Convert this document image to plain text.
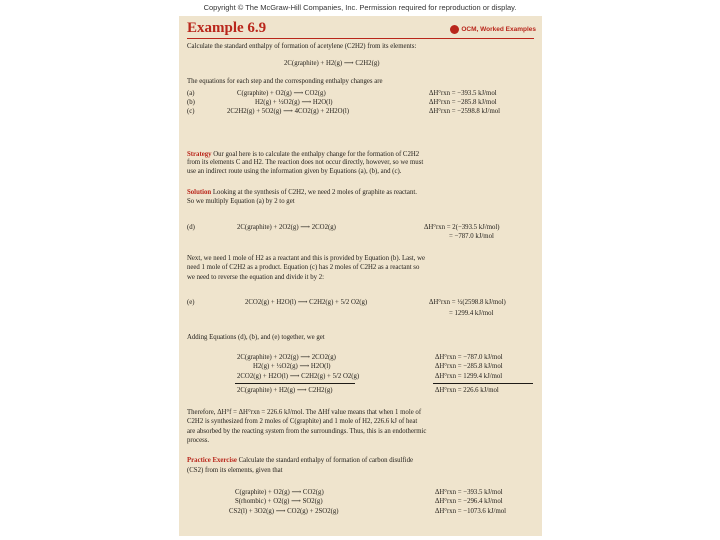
Copyright © The McGraw-Hill Companies, Inc. Permission required for reproduction or display.
Example 6.9	OCM, Worked Examples
Calculate the standard enthalpy of formation of acetylene (C2H2) from its elements:
2C(graphite) + H2(g) ⟶ C2H2(g)
The equations for each step and the corresponding enthalpy changes are
(a)	C(graphite) + O2(g) ⟶ CO2(g)	ΔH°rxn = −393.5 kJ/mol
(b)	H2(g) + ½O2(g) ⟶ H2O(l)	ΔH°rxn = −285.8 kJ/mol
(c)	2C2H2(g) + 5O2(g) ⟶ 4CO2(g) + 2H2O(l)	ΔH°rxn = −2598.8 kJ/mol
Strategy Our goal here is to calculate the enthalpy change for the formation of C2H2
from its elements C and H2. The reaction does not occur directly, however, so we must
use an indirect route using the information given by Equations (a), (b), and (c).
Solution Looking at the synthesis of C2H2, we need 2 moles of graphite as reactant.
So we multiply Equation (a) by 2 to get
(d)	2C(graphite) + 2O2(g) ⟶ 2CO2(g)	ΔH°rxn = 2(−393.5 kJ/mol)
= −787.0 kJ/mol
Next, we need 1 mole of H2 as a reactant and this is provided by Equation (b). Last, we
need 1 mole of C2H2 as a product. Equation (c) has 2 moles of C2H2 as a reactant so
we need to reverse the equation and divide it by 2:
(e)	2CO2(g) + H2O(l) ⟶ C2H2(g) + 5/2 O2(g)	ΔH°rxn = ½(2598.8 kJ/mol)
= 1299.4 kJ/mol
Adding Equations (d), (b), and (e) together, we get
2C(graphite) + 2O2(g) ⟶ 2CO2(g)	ΔH°rxn = −787.0 kJ/mol
H2(g) + ½O2(g) ⟶ H2O(l)	ΔH°rxn = −285.8 kJ/mol
2CO2(g) + H2O(l) ⟶ C2H2(g) + 5/2 O2(g)	ΔH°rxn = 1299.4 kJ/mol
2C(graphite) + H2(g) ⟶ C2H2(g)	ΔH°rxn = 226.6 kJ/mol
Therefore, ΔH°f = ΔH°rxn = 226.6 kJ/mol. The ΔHf value means that when 1 mole of
C2H2 is synthesized from 2 moles of C(graphite) and 1 mole of H2, 226.6 kJ of heat
are absorbed by the reacting system from the surroundings. Thus, this is an endothermic
process.
Practice Exercise Calculate the standard enthalpy of formation of carbon disulfide
(CS2) from its elements, given that
C(graphite) + O2(g) ⟶ CO2(g)	ΔH°rxn = −393.5 kJ/mol
S(rhombic) + O2(g) ⟶ SO2(g)	ΔH°rxn = −296.4 kJ/mol
CS2(l) + 3O2(g) ⟶ CO2(g) + 2SO2(g)	ΔH°rxn = −1073.6 kJ/mol
